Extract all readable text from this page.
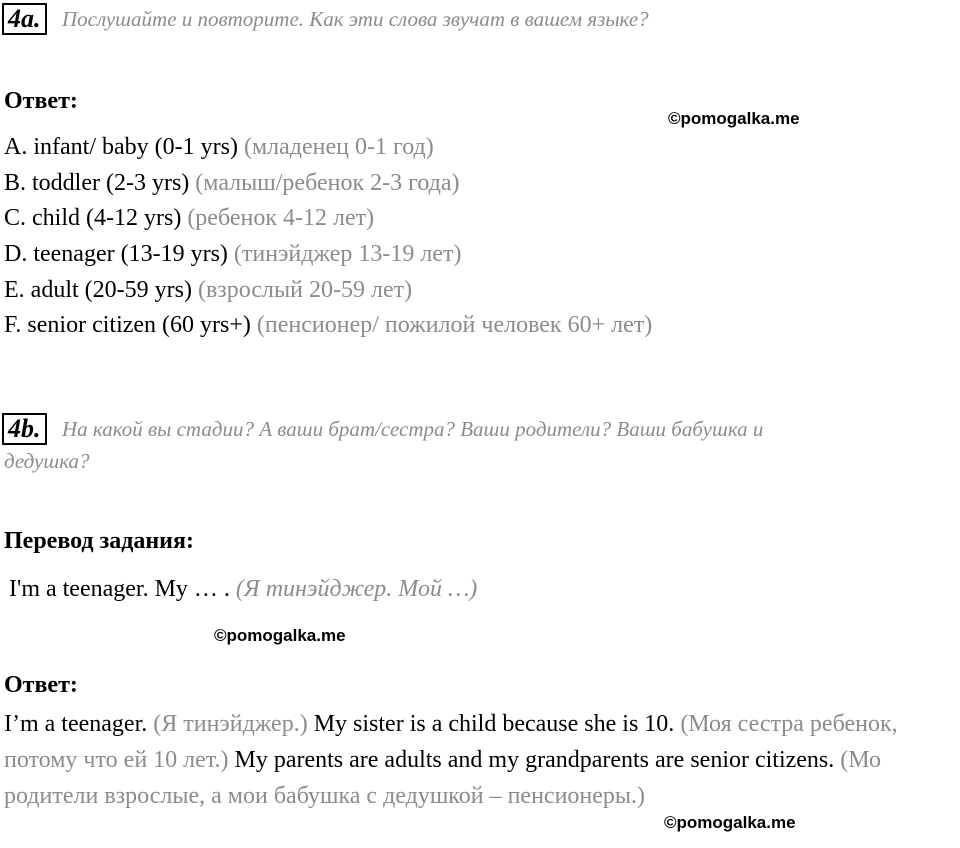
4a. Послушайте и повторите. Как эти слова звучат в вашем языке?
Ответ:
©pomogalka.me
A. infant/ baby (0-1 yrs) (младенец 0-1 год)
B. toddler (2-3 yrs) (малыш/ребенок 2-3 года)
C. child (4-12 yrs) (ребенок 4-12 лет)
D. teenager (13-19 yrs) (тинэйджер 13-19 лет)
E. adult (20-59 yrs) (взрослый 20-59 лет)
F. senior citizen (60 yrs+) (пенсионер/ пожилой человек 60+ лет)
4b. На какой вы стадии? А ваши брат/сестра? Ваши родители? Ваши бабушка и
дедушка?
Перевод задания:
I'm a teenager. My … . (Я тинэйджер. Мой …)
©pomogalka.me
Ответ:
I’m a teenager. (Я тинэйджер.) My sister is a child because she is 10. (Моя сестра ребенок, потому что ей 10 лет.) My parents are adults and my grandparents are senior citizens. (Мо родители взрослые, а мои бабушка с дедушкой – пенсионеры.)
©pomogalka.me
